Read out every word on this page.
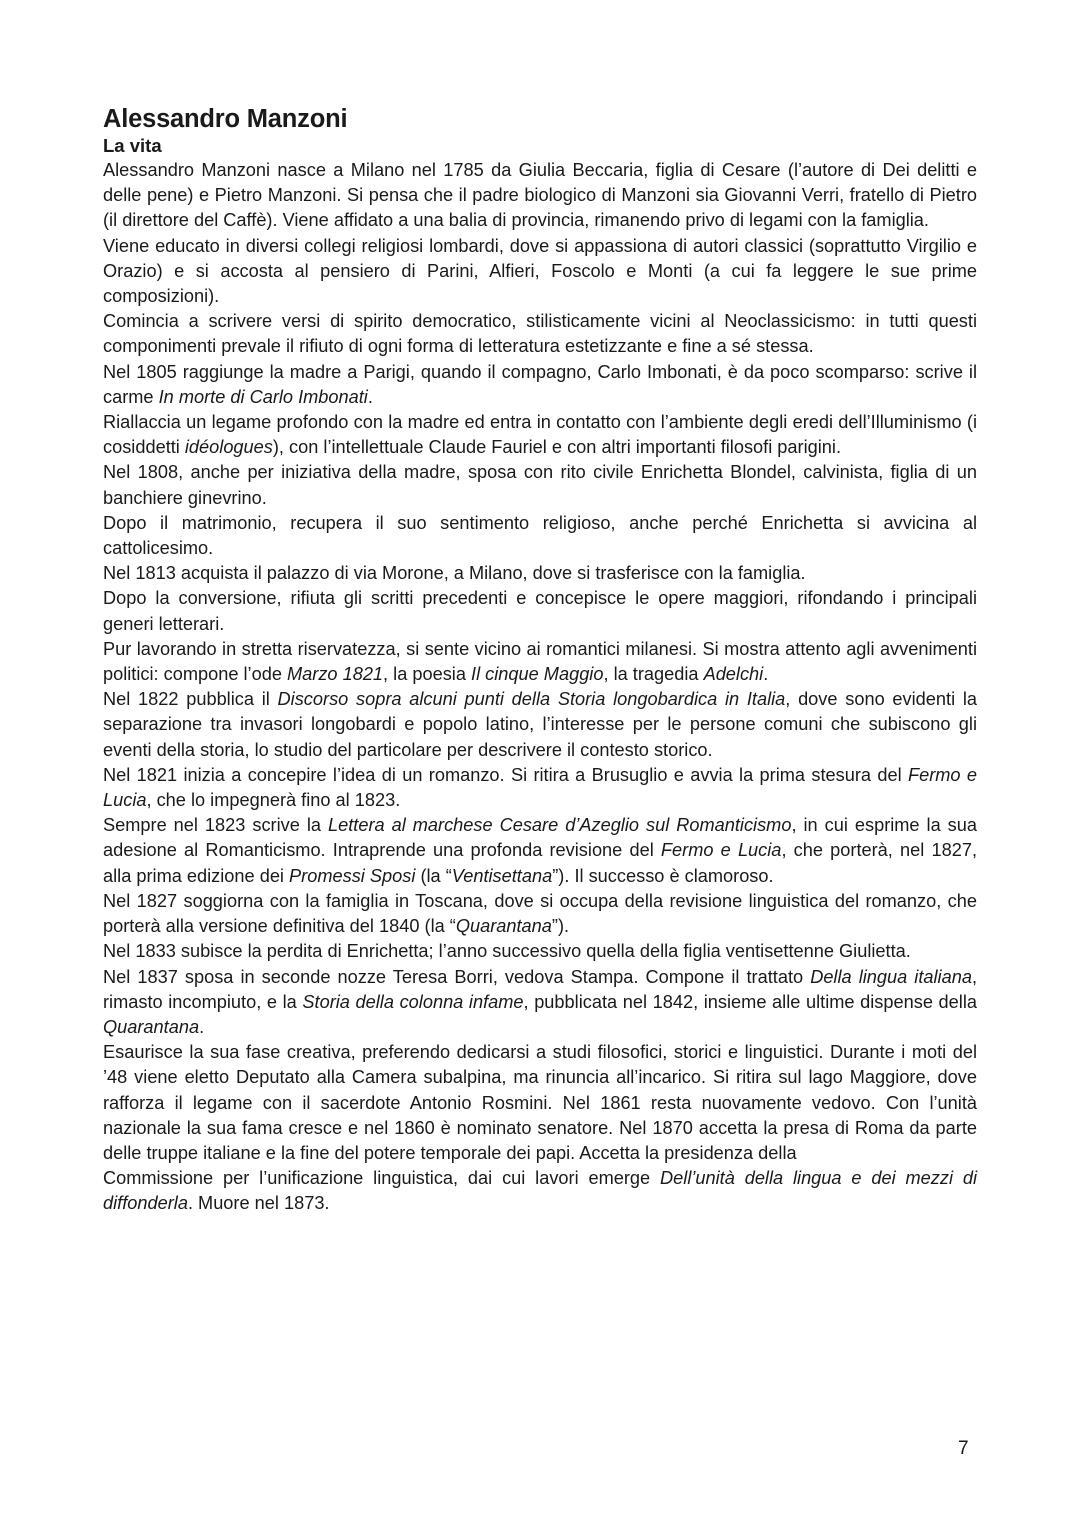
Alessandro Manzoni
La vita

Alessandro Manzoni nasce a Milano nel 1785 da Giulia Beccaria, figlia di Cesare (l’autore di Dei delitti e delle pene) e Pietro Manzoni. Si pensa che il padre biologico di Manzoni sia Giovanni Verri, fratello di Pietro (il direttore del Caffè). Viene affidato a una balia di provincia, rimanendo privo di legami con la famiglia.

Viene educato in diversi collegi religiosi lombardi, dove si appassiona di autori classici (soprattutto Virgilio e Orazio) e si accosta al pensiero di Parini, Alfieri, Foscolo e Monti (a cui fa leggere le sue prime composizioni).

Comincia a scrivere versi di spirito democratico, stilisticamente vicini al Neoclassicismo: in tutti questi componimenti prevale il rifiuto di ogni forma di letteratura estetizzante e fine a sé stessa.

Nel 1805 raggiunge la madre a Parigi, quando il compagno, Carlo Imbonati, è da poco scomparso: scrive il carme In morte di Carlo Imbonati.

Riallaccia un legame profondo con la madre ed entra in contatto con l’ambiente degli eredi dell’Illuminismo (i cosiddetti idéologues), con l’intellettuale Claude Fauriel e con altri importanti filosofi parigini.

Nel 1808, anche per iniziativa della madre, sposa con rito civile Enrichetta Blondel, calvinista, figlia di un banchiere ginevrino.

Dopo il matrimonio, recupera il suo sentimento religioso, anche perché Enrichetta si avvicina al cattolicesimo.

Nel 1813 acquista il palazzo di via Morone, a Milano, dove si trasferisce con la famiglia.

Dopo la conversione, rifiuta gli scritti precedenti e concepisce le opere maggiori, rifondando i principali generi letterari.

Pur lavorando in stretta riservatezza, si sente vicino ai romantici milanesi. Si mostra attento agli avvenimenti politici: compone l’ode Marzo 1821, la poesia Il cinque Maggio, la tragedia Adelchi.

Nel 1822 pubblica il Discorso sopra alcuni punti della Storia longobardica in Italia, dove sono evidenti la separazione tra invasori longobardi e popolo latino, l’interesse per le persone comuni che subiscono gli eventi della storia, lo studio del particolare per descrivere il contesto storico.

Nel 1821 inizia a concepire l’idea di un romanzo. Si ritira a Brusuglio e avvia la prima stesura del Fermo e Lucia, che lo impegnerà fino al 1823.

Sempre nel 1823 scrive la Lettera al marchese Cesare d’Azeglio sul Romanticismo, in cui esprime la sua adesione al Romanticismo. Intraprende una profonda revisione del Fermo e Lucia, che porterà, nel 1827, alla prima edizione dei Promessi Sposi (la “Ventisettana”). Il successo è clamoroso.

Nel 1827 soggiorna con la famiglia in Toscana, dove si occupa della revisione linguistica del romanzo, che porterà alla versione definitiva del 1840 (la “Quarantana”).

Nel 1833 subisce la perdita di Enrichetta; l’anno successivo quella della figlia ventisettenne Giulietta.

Nel 1837 sposa in seconde nozze Teresa Borri, vedova Stampa. Compone il trattato Della lingua italiana, rimasto incompiuto, e la Storia della colonna infame, pubblicata nel 1842, insieme alle ultime dispense della Quarantana.

Esaurisce la sua fase creativa, preferendo dedicarsi a studi filosofici, storici e linguistici. Durante i moti del ’48 viene eletto Deputato alla Camera subalpina, ma rinuncia all’incarico. Si ritira sul lago Maggiore, dove rafforza il legame con il sacerdote Antonio Rosmini. Nel 1861 resta nuovamente vedovo. Con l’unità nazionale la sua fama cresce e nel 1860 è nominato senatore. Nel 1870 accetta la presa di Roma da parte delle truppe italiane e la fine del potere temporale dei papi. Accetta la presidenza della

Commissione per l’unificazione linguistica, dai cui lavori emerge Dell’unità della lingua e dei mezzi di diffonderla. Muore nel 1873.

7
